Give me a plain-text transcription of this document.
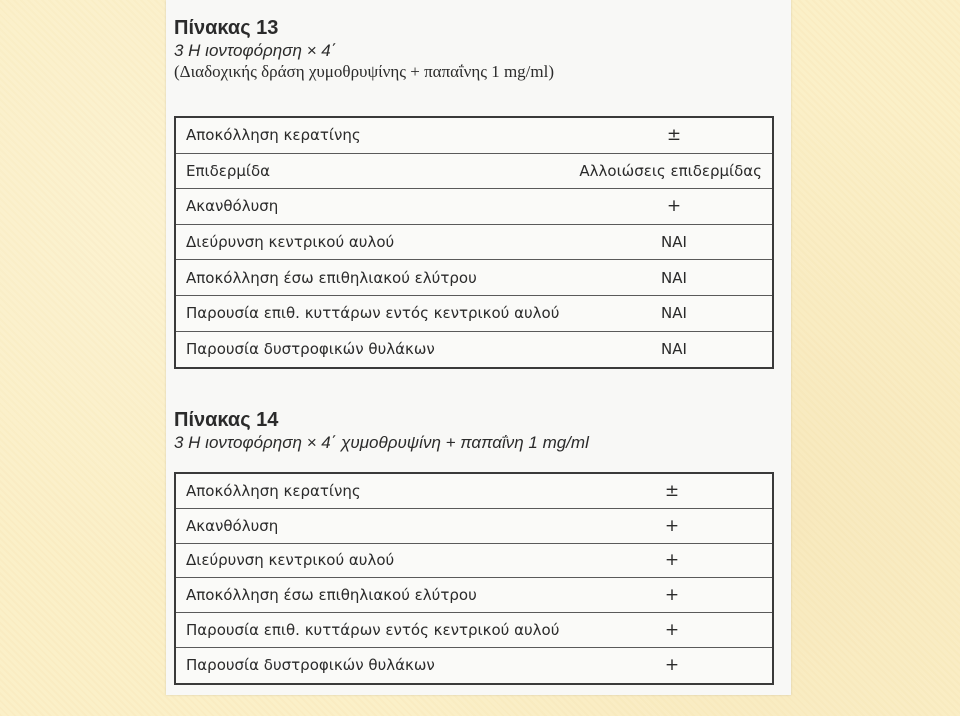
Πίνακας 13
3 Η ιοντοφόρηση × 4΄
(Διαδοχικής δράση χυμοθρυψίνης + παπαΐνης 1 mg/ml)
Αποκόλληση κερατίνης	±
Επιδερμίδα	Αλλοιώσεις επιδερμίδας
Ακανθόλυση	+
Διεύρυνση κεντρικού αυλού	ΝΑΙ
Αποκόλληση έσω επιθηλιακού ελύτρου	ΝΑΙ
Παρουσία επιθ. κυττάρων εντός κεντρικού αυλού	ΝΑΙ
Παρουσία δυστροφικών θυλάκων	ΝΑΙ
Πίνακας 14
3 Η ιοντοφόρηση × 4΄ χυμοθρυψίνη + παπαΐνη 1 mg/ml
Αποκόλληση κερατίνης	±
Ακανθόλυση	+
Διεύρυνση κεντρικού αυλού	+
Αποκόλληση έσω επιθηλιακού ελύτρου	+
Παρουσία επιθ. κυττάρων εντός κεντρικού αυλού	+
Παρουσία δυστροφικών θυλάκων	+
